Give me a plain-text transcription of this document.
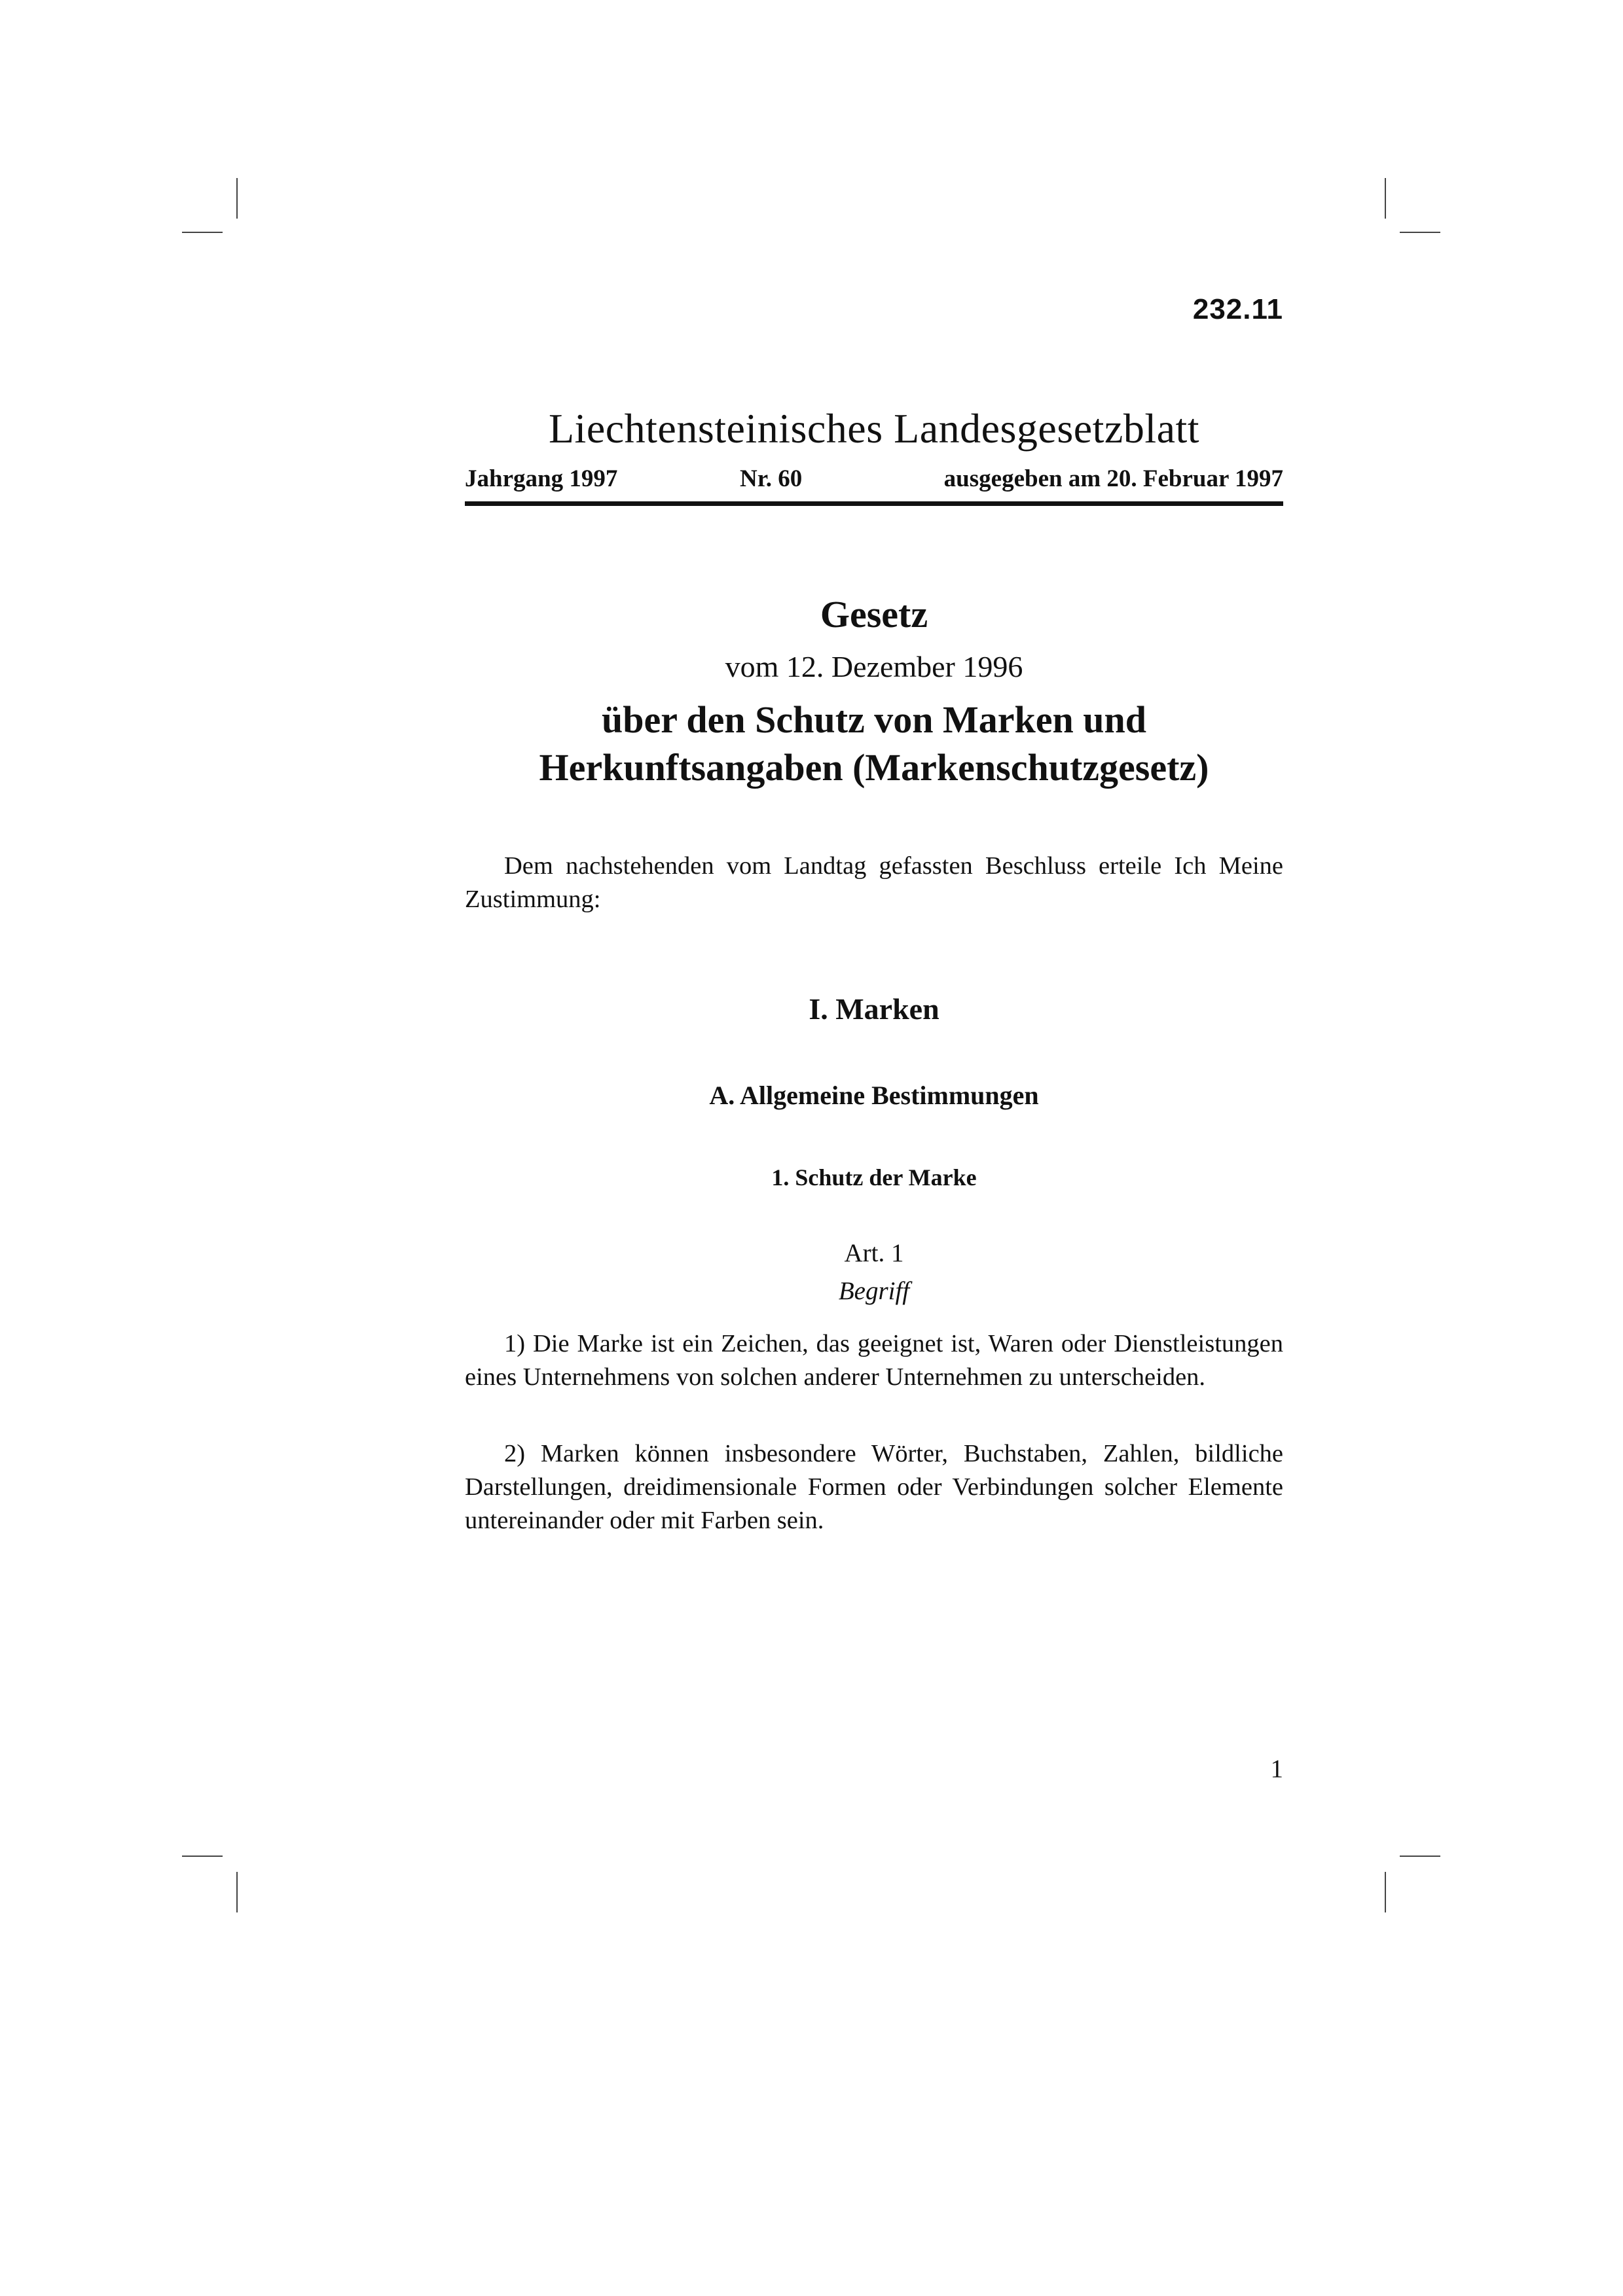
232.11
Liechtensteinisches Landesgesetzblatt
Jahrgang 1997	Nr. 60	ausgegeben am 20. Februar 1997
Gesetz
vom 12. Dezember 1996
über den Schutz von Marken und Herkunftsangaben (Markenschutzgesetz)
Dem nachstehenden vom Landtag gefassten Beschluss erteile Ich Meine Zustimmung:
I. Marken
A. Allgemeine Bestimmungen
1. Schutz der Marke
Art. 1
Begriff
1) Die Marke ist ein Zeichen, das geeignet ist, Waren oder Dienstleistungen eines Unternehmens von solchen anderer Unternehmen zu unterscheiden.
2) Marken können insbesondere Wörter, Buchstaben, Zahlen, bildliche Darstellungen, dreidimensionale Formen oder Verbindungen solcher Elemente untereinander oder mit Farben sein.
1
